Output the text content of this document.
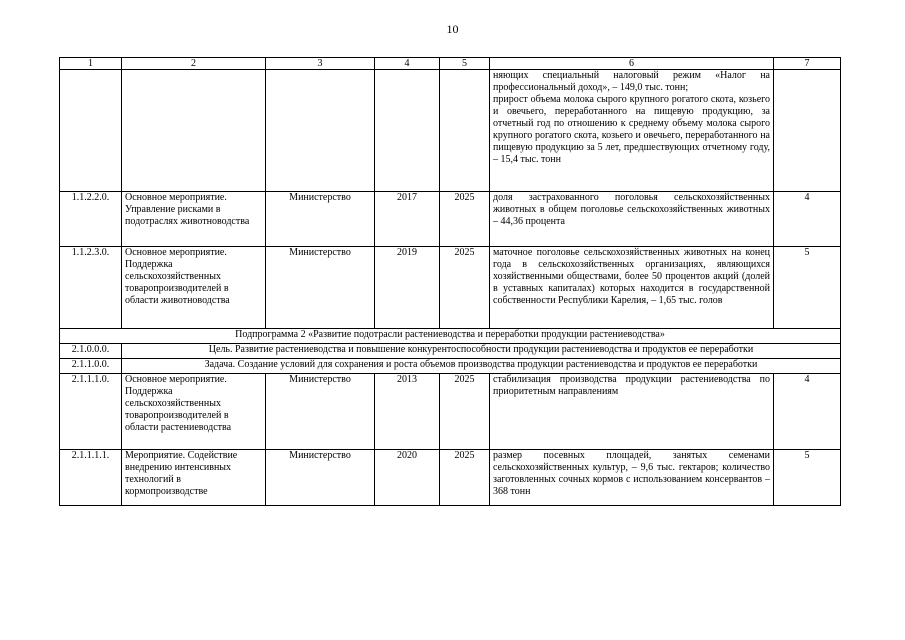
10
1	2	3	4	5	6	7

					няющих специальный налоговый режим «Налог на профессиональный доход», – 149,0 тыс. тонн;
прирост объема молока сырого крупного рогатого скота, козьего и овечьего, переработанного на пищевую продукцию, за отчетный год по отношению к среднему объему молока сырого крупного рогатого скота, козьего и овечьего, переработанного на пищевую продукцию за 5 лет, предшествующих отчетному году, – 15,4 тыс. тонн	

1.1.2.2.0.	Основное мероприятие. Управление рисками в подотраслях животноводства	Министерство	2017	2025	доля застрахованного поголовья сельскохозяйственных животных в общем поголовье сельскохозяйственных животных – 44,36 процента	4
1.1.2.3.0.	Основное мероприятие. Поддержка сельскохозяйственных товаропроизводителей в области животноводства	Министерство	2019	2025	маточное поголовье сельскохозяйственных животных на конец года в сельскохозяйственных организациях, являющихся хозяйственными обществами, более 50 процентов акций (долей в уставных капиталах) которых находится в государственной собственности Республики Карелия, – 1,65 тыс. голов	5
Подпрограмма 2 «Развитие подотрасли растениеводства и переработки продукции растениеводства»						
2.1.0.0.0.	Цель. Развитие растениеводства и повышение конкурентоспособности продукции растениеводства и продуктов ее переработки					
2.1.1.0.0.	Задача. Создание условий для сохранения и роста объемов производства продукции растениеводства и продуктов ее переработки					
2.1.1.1.0.	Основное мероприятие. Поддержка сельскохозяйственных товаропроизводителей в области растениеводства	Министерство	2013	2025	стабилизация производства продукции растениеводства по приоритетным направлениям	4
2.1.1.1.1.	Мероприятие. Содействие внедрению интенсивных технологий в кормопроизводстве	Министерство	2020	2025	размер посевных площадей, занятых семенами сельскохозяйственных культур, – 9,6 тыс. гектаров; количество заготовленных сочных кормов с использованием консервантов – 368 тонн	5
